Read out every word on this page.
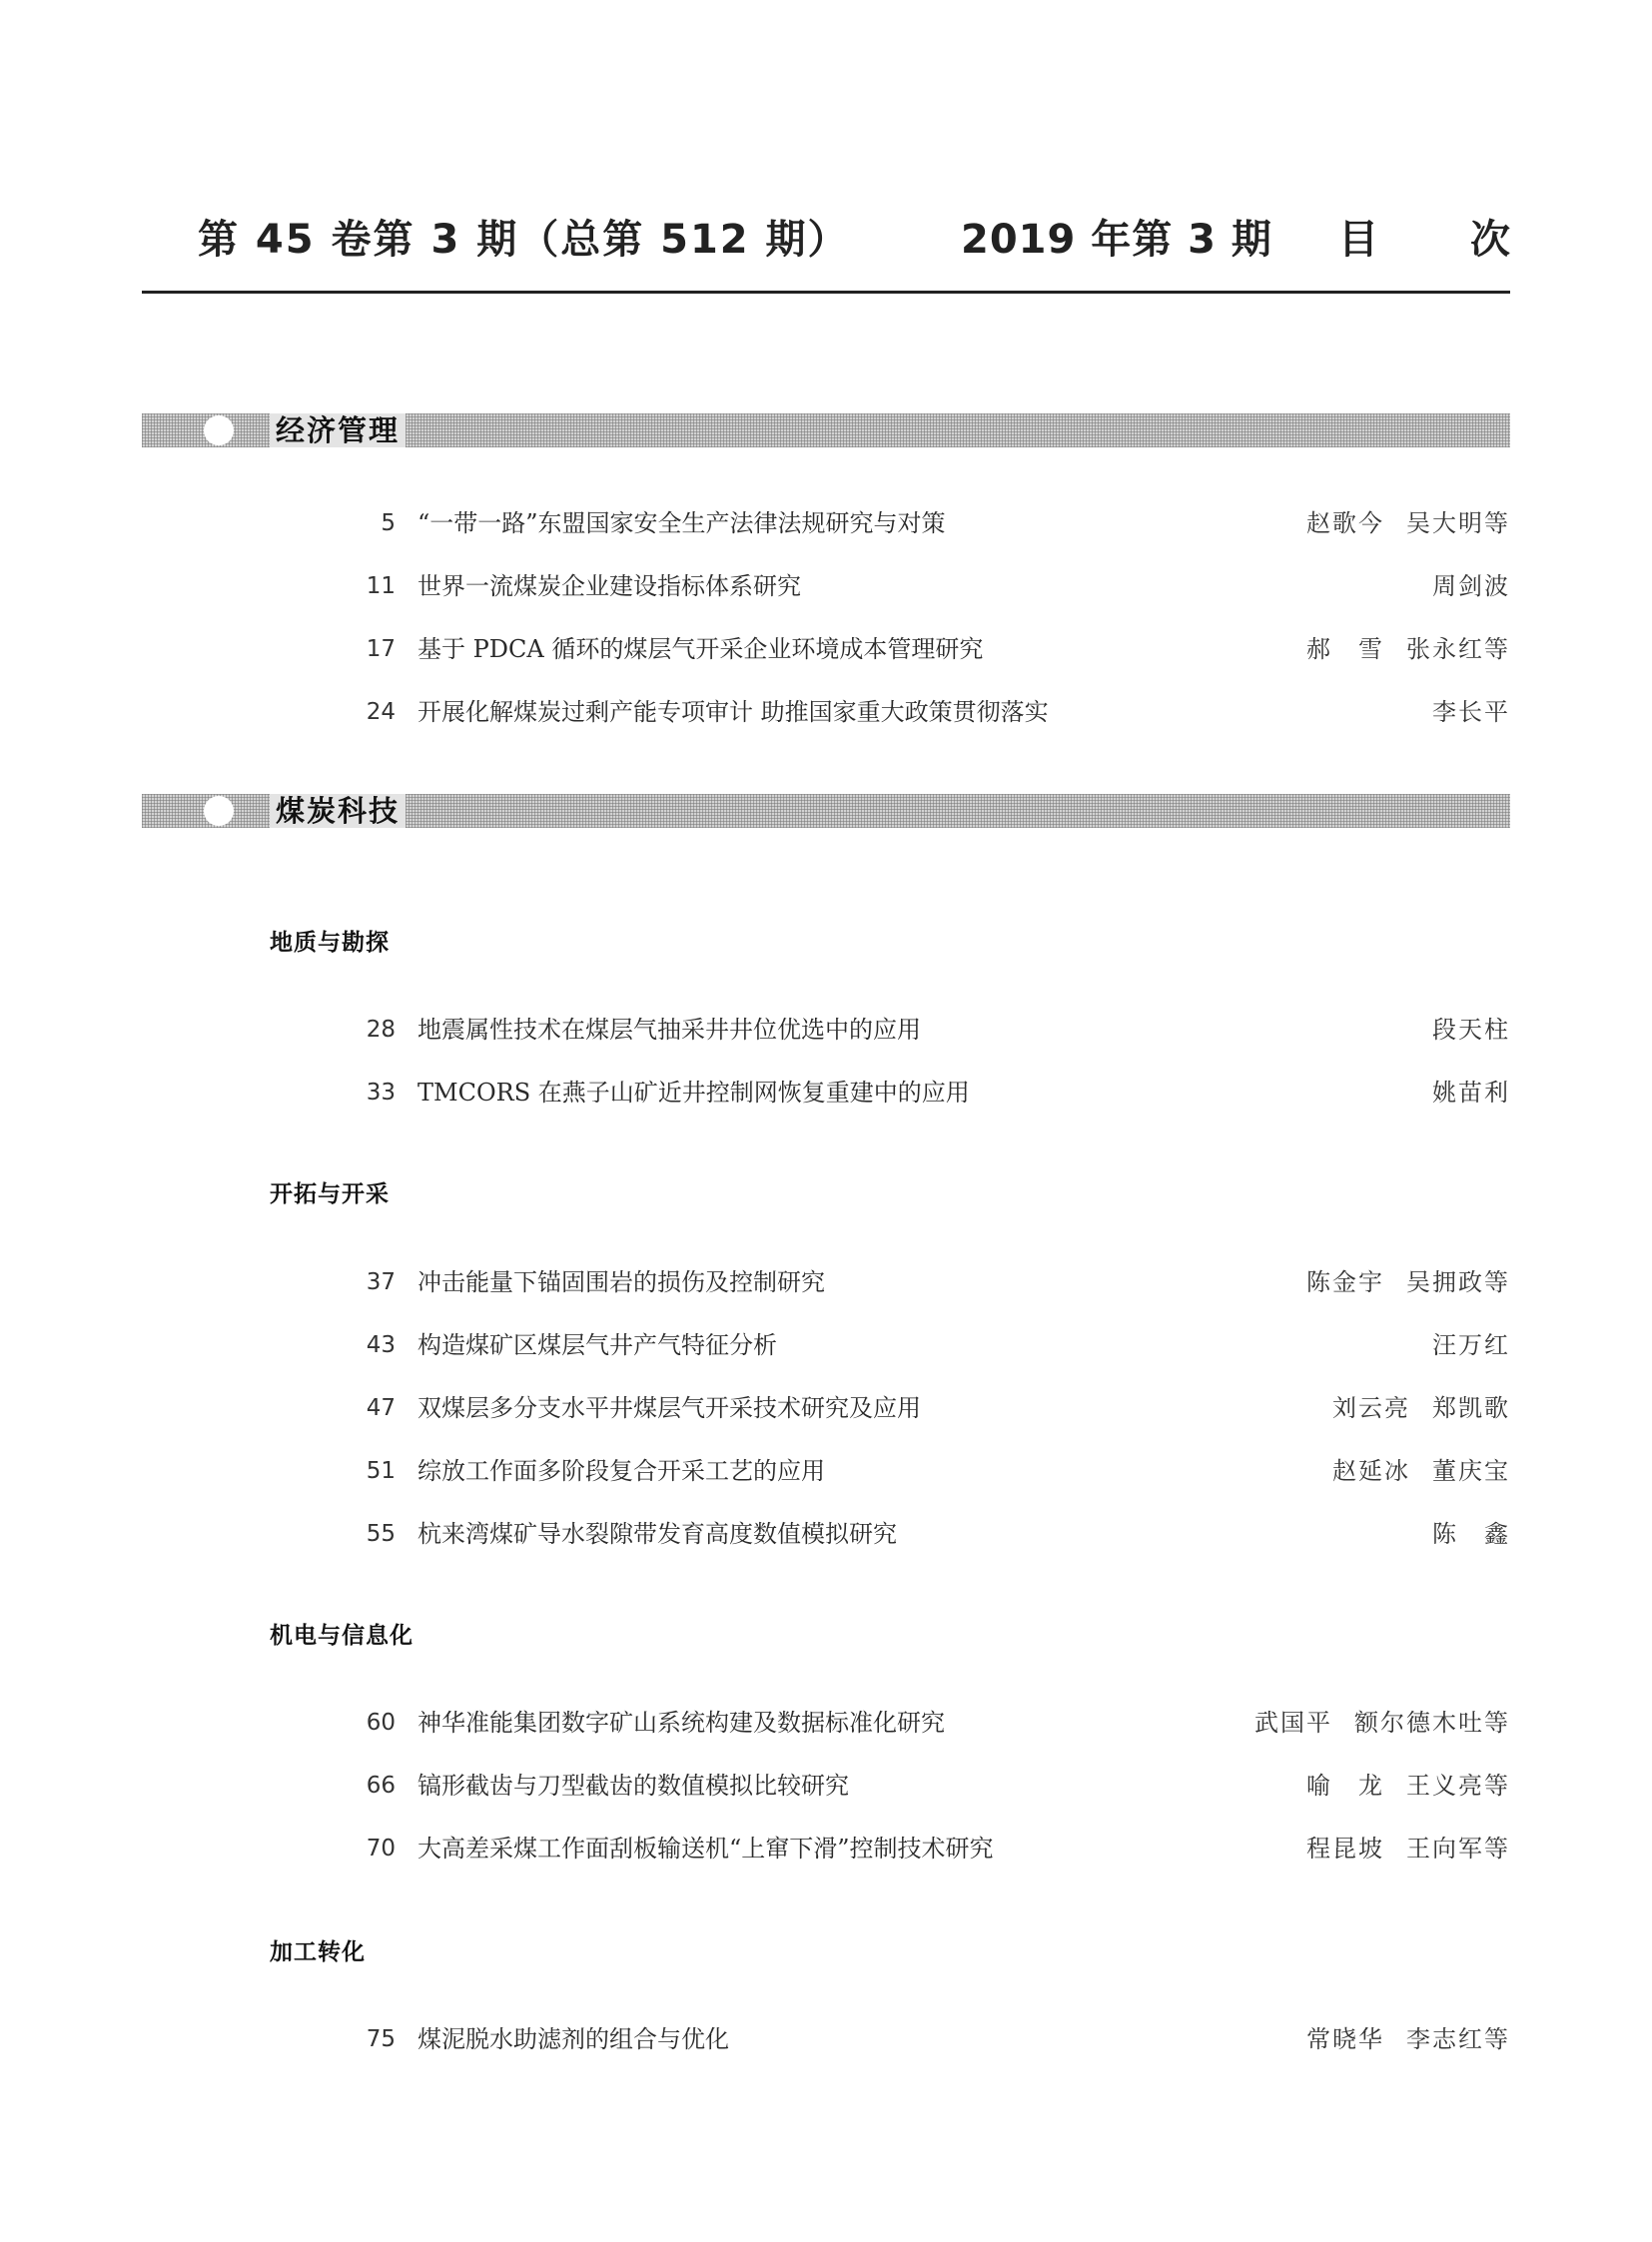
第 45 卷第 3 期（总第 512 期）	2019 年第 3 期 目次
经济管理
5 “一带一路”东盟国家安全生产法律法规研究与对策	赵歌今 吴大明等
11 世界一流煤炭企业建设指标体系研究	周剑波
17 基于 PDCA 循环的煤层气开采企业环境成本管理研究	郝　雪 张永红等
24 开展化解煤炭过剩产能专项审计 助推国家重大政策贯彻落实	李长平
煤炭科技
地质与勘探
28 地震属性技术在煤层气抽采井井位优选中的应用	段天柱
33 TMCORS 在燕子山矿近井控制网恢复重建中的应用	姚苗利
开拓与开采
37 冲击能量下锚固围岩的损伤及控制研究	陈金宇 吴拥政等
43 构造煤矿区煤层气井产气特征分析	汪万红
47 双煤层多分支水平井煤层气开采技术研究及应用	刘云亮 郑凯歌
51 综放工作面多阶段复合开采工艺的应用	赵延冰 董庆宝
55 杭来湾煤矿导水裂隙带发育高度数值模拟研究	陈　鑫
机电与信息化
60 神华准能集团数字矿山系统构建及数据标准化研究	武国平 额尔德木吐等
66 镐形截齿与刀型截齿的数值模拟比较研究	喻　龙 王义亮等
70 大高差采煤工作面刮板输送机“上窜下滑”控制技术研究	程昆坡 王向军等
加工转化
75 煤泥脱水助滤剂的组合与优化	常晓华 李志红等
